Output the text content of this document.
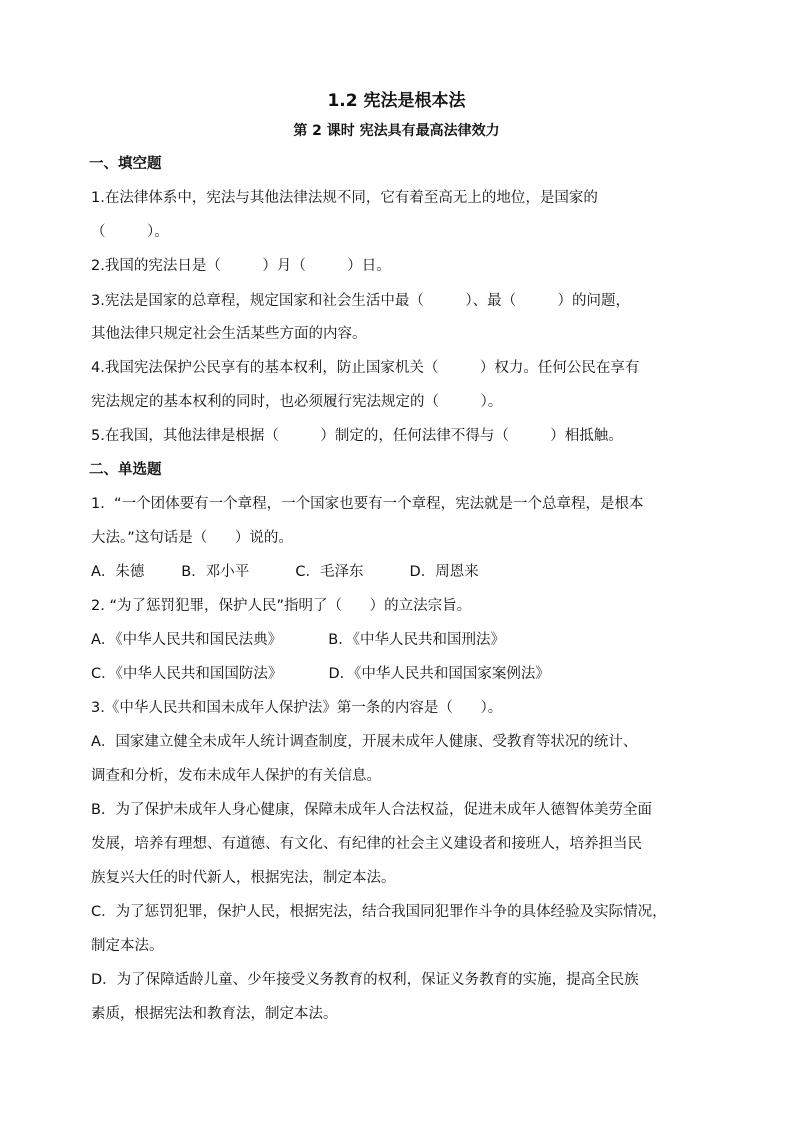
1.2 宪法是根本法
第 2 课时 宪法具有最高法律效力
一、填空题
1.在法律体系中，宪法与其他法律法规不同，它有着至高无上的地位，是国家的
（         ）。
2.我国的宪法日是（         ）月（         ）日。
3.宪法是国家的总章程，规定国家和社会生活中最（         ）、最（         ）的问题，
其他法律只规定社会生活某些方面的内容。
4.我国宪法保护公民享有的基本权利，防止国家机关（         ）权力。任何公民在享有
宪法规定的基本权利的同时，也必须履行宪法规定的（         ）。
5.在我国，其他法律是根据（         ）制定的，任何法律不得与（         ）相抵触。
二、单选题
1.  “一个团体要有一个章程，一个国家也要有一个章程，宪法就是一个总章程，是根本
大法。”这句话是（      ）说的。
A．朱德        B．邓小平          C．毛泽东          D．周恩来
2. “为了惩罚犯罪，保护人民”指明了（      ）的立法宗旨。
A．《中华人民共和国民法典》          B．《中华人民共和国刑法》
C．《中华人民共和国国防法》          D．《中华人民共和国国家案例法》
3.《中华人民共和国未成年人保护法》第一条的内容是（      ）。
A．国家建立健全未成年人统计调查制度，开展未成年人健康、受教育等状况的统计、
调查和分析，发布未成年人保护的有关信息。
B．为了保护未成年人身心健康，保障未成年人合法权益，促进未成年人德智体美劳全面
发展，培养有理想、有道德、有文化、有纪律的社会主义建设者和接班人，培养担当民
族复兴大任的时代新人，根据宪法，制定本法。
C．为了惩罚犯罪，保护人民，根据宪法，结合我国同犯罪作斗争的具体经验及实际情况，
制定本法。
D．为了保障适龄儿童、少年接受义务教育的权利，保证义务教育的实施，提高全民族
素质，根据宪法和教育法，制定本法。
